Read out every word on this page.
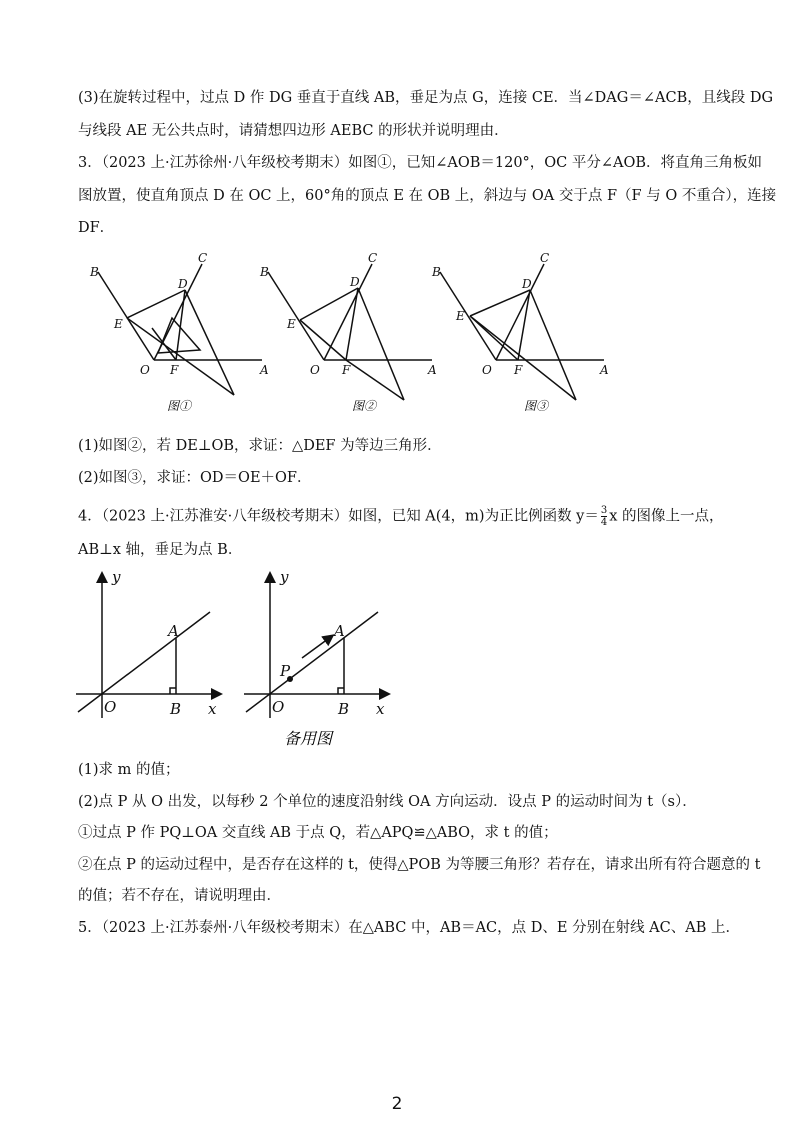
(3)在旋转过程中，过点 D 作 DG 垂直于直线 AB，垂足为点 G，连接 CE．当∠DAG＝∠ACB，且线段 DG
与线段 AE 无公共点时，请猜想四边形 AEBC 的形状并说明理由．
3．（2023 上·江苏徐州·八年级校考期末）如图①，已知∠AOB＝120°，OC 平分∠AOB．将直角三角板如
图放置，使直角顶点 D 在 OC 上，60°角的顶点 E 在 OB 上，斜边与 OA 交于点 F（F 与 O 不重合），连接
DF．
B
C
D
E
O F	A
图①
B
C
D
E
O F	A
图②
B
C
D
E
O F	A
图③
(1)如图②，若 DE⊥OB，求证：△DEF 为等边三角形．
(2)如图③，求证：OD＝OE＋OF．
4．（2023 上·江苏淮安·八年级校考期末）如图，已知 A(4，m)为正比例函数 $y= \frac{3}{4}$ x 的图像上一点，
AB⊥x 轴，垂足为点 B．
y
x
O
A
B
y
x
O
A
B
P
备用图
(1)求 m 的值；
(2)点 P 从 O 出发，以每秒 2 个单位的速度沿射线 OA 方向运动．设点 P 的运动时间为 t（s）．
①过点 P 作 PQ⊥OA 交直线 AB 于点 Q，若△APQ≌△ABO，求 t 的值；
②在点 P 的运动过程中，是否存在这样的 t，使得△POB 为等腰三角形？若存在，请求出所有符合题意的 t
的值；若不存在，请说明理由．
5．（2023 上·江苏泰州·八年级校考期末）在△ABC 中，AB＝AC，点 D、E 分别在射线 AC、AB 上．
2
